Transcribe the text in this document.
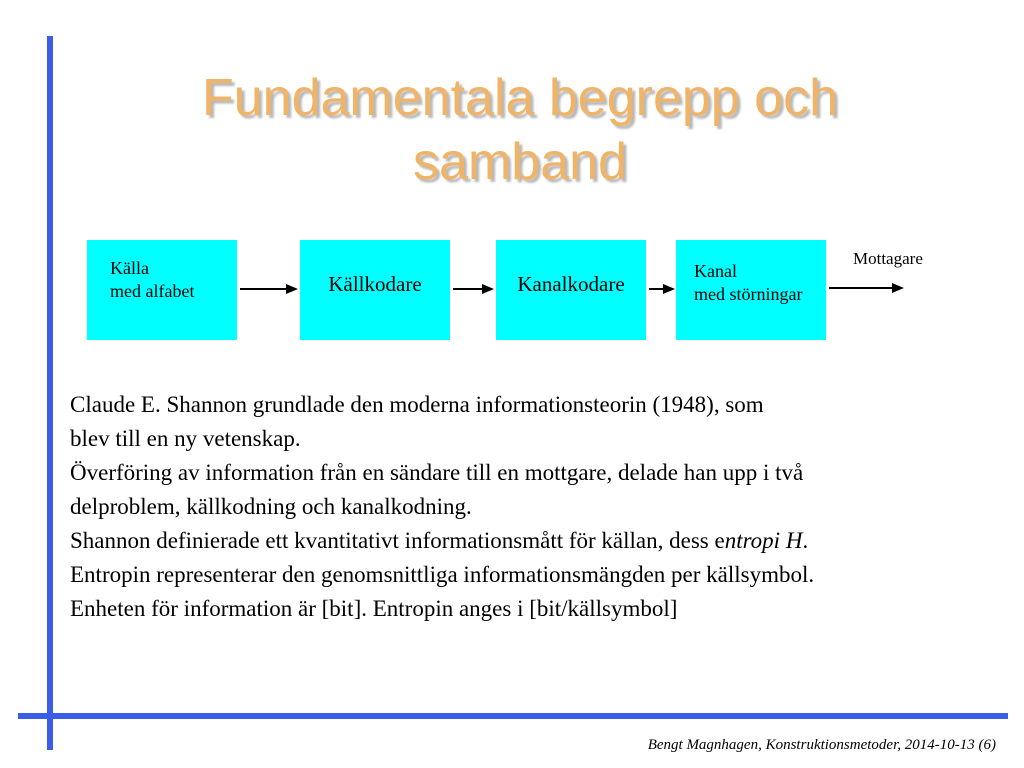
Fundamentala begrepp och
samband
Källa
med alfabet	Källkodare	Kanalkodare
Kanal
med störningar
Mottagare
Claude E. Shannon grundlade den moderna informationsteorin (1948), som
blev till en ny vetenskap.
Överföring av information från en sändare till en mottgare, delade han upp i två
delproblem, källkodning och kanalkodning.
Shannon definierade ett kvantitativt informationsmått för källan, dess entropi H.
Entropin representerar den genomsnittliga informationsmängden per källsymbol.
Enheten för information är [bit]. Entropin anges i [bit/källsymbol]
Bengt Magnhagen, Konstruktionsmetoder, 2014-10-13 (6)
